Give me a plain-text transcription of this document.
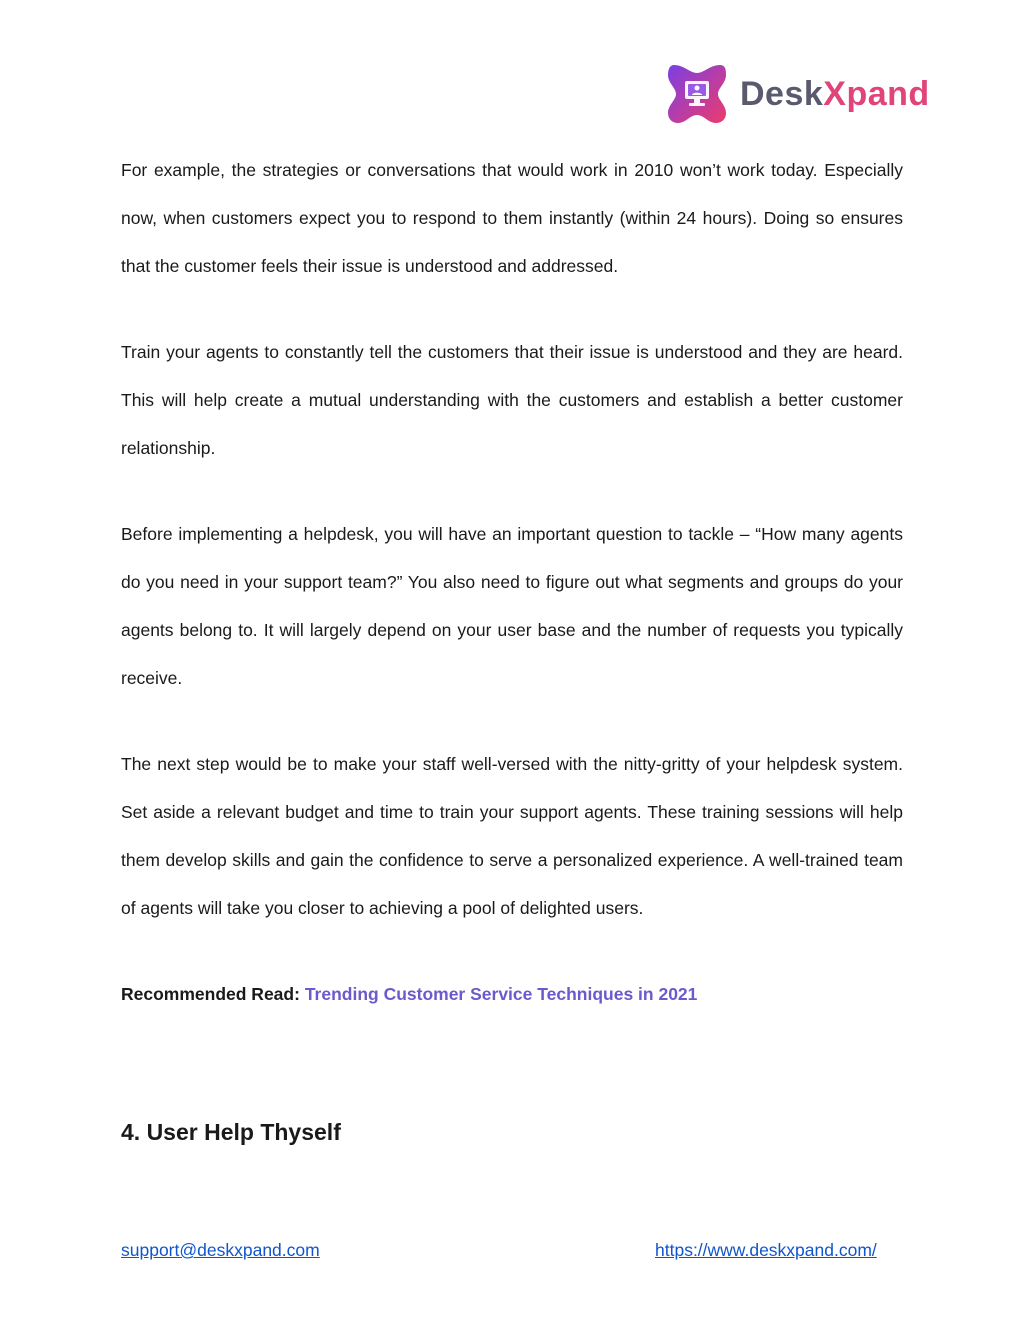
DeskXpand

For example, the strategies or conversations that would work in 2010 won’t work today. Especially now, when customers expect you to respond to them instantly (within 24 hours). Doing so ensures that the customer feels their issue is understood and addressed.

Train your agents to constantly tell the customers that their issue is understood and they are heard. This will help create a mutual understanding with the customers and establish a better customer relationship.

Before implementing a helpdesk, you will have an important question to tackle – “How many agents do you need in your support team?” You also need to figure out what segments and groups do your agents belong to. It will largely depend on your user base and the number of requests you typically receive.

The next step would be to make your staff well-versed with the nitty-gritty of your helpdesk system. Set aside a relevant budget and time to train your support agents. These training sessions will help them develop skills and gain the confidence to serve a personalized experience. A well-trained team of agents will take you closer to achieving a pool of delighted users.

Recommended Read: Trending Customer Service Techniques in 2021

4. User Help Thyself
support@deskxpand.com	https://www.deskxpand.com/
